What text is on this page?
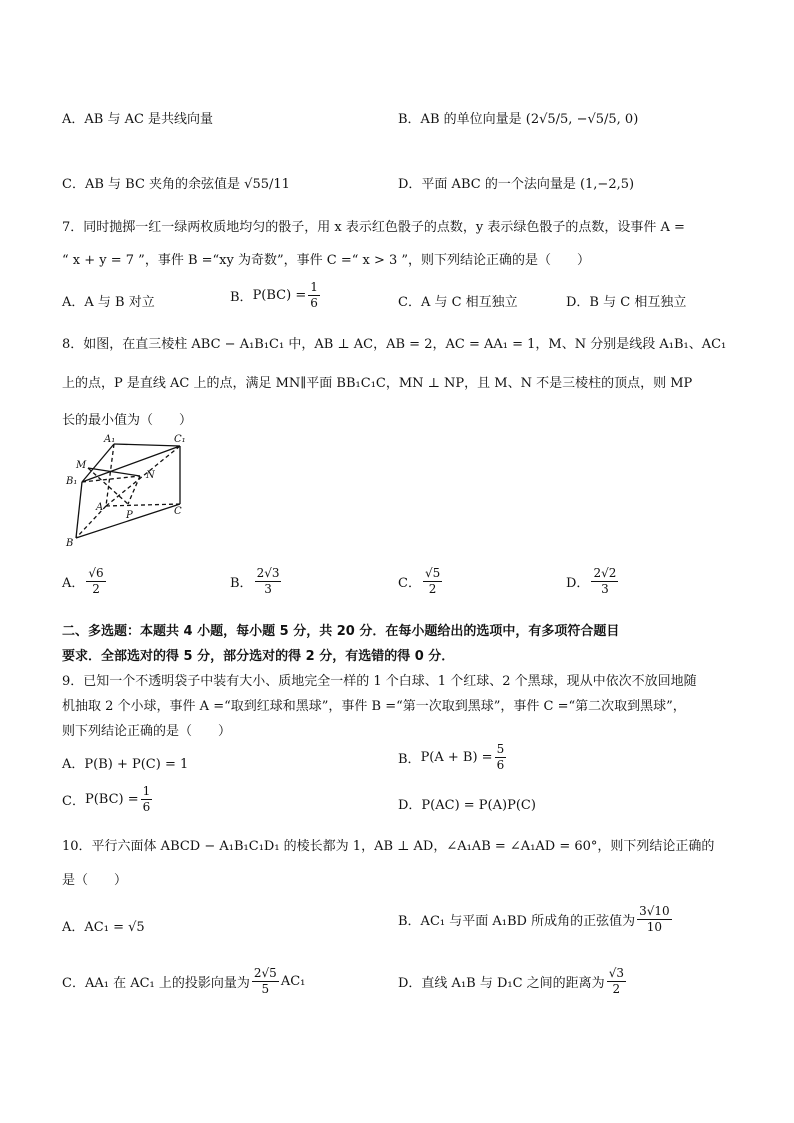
A．AB 与 AC 是共线向量	B．AB 的单位向量是 (2√5/5, −√5/5, 0)
C．AB 与 BC 夹角的余弦值是 √55/11	D．平面 ABC 的一个法向量是 (1,−2,5)
7．同时抛掷一红一绿两枚质地均匀的骰子，用 x 表示红色骰子的点数，y 表示绿色骰子的点数，设事件 A =
“ x + y = 7 ”，事件 B =“xy 为奇数”，事件 C =“ x > 3 ”，则下列结论正确的是（　　）
A．A 与 B 对立	B． $P(BC) = \frac{1}{6}$	C．A 与 C 相互独立	D．B 与 C 相互独立
8．如图，在直三棱柱 ABC − A₁B₁C₁ 中，AB ⊥ AC，AB = 2，AC = AA₁ = 1，M、N 分别是线段 A₁B₁、AC₁
上的点，P 是直线 AC 上的点，满足 MN∥平面 BB₁C₁C，MN ⊥ NP，且 M、N 不是三棱柱的顶点，则 MP
长的最小值为（　　）
A₁	C₁
M
B₁
N
A
P	C
B
A． $\frac{√6}{2}$	B． $\frac{2√3}{3}$	C． $\frac{√5}{2}$	D． $\frac{2√2}{3}$
二、多选题：本题共 4 小题，每小题 5 分，共 20 分．在每小题给出的选项中，有多项符合题目
要求．全部选对的得 5 分，部分选对的得 2 分，有选错的得 0 分．
9．已知一个不透明袋子中装有大小、质地完全一样的 1 个白球、1 个红球、2 个黑球，现从中依次不放回地随
机抽取 2 个小球，事件 A =“取到红球和黑球”，事件 B =“第一次取到黑球”，事件 C =“第二次取到黑球”，
则下列结论正确的是（　　）
A．P(B) + P(C) = 1	B． $P(A + B) = \frac{5}{6}$
C． $P(BC) = \frac{1}{6}$	D．P(AC) = P(A)P(C)
10．平行六面体 ABCD − A₁B₁C₁D₁ 的棱长都为 1，AB ⊥ AD，∠A₁AB = ∠A₁AD = 60°，则下列结论正确的
是（　　）
A．AC₁ = √5	B．AC₁ 与平面 A₁BD 所成角的正弦值为 $\frac{3√10}{10}$
C．AA₁ 在 AC₁ 上的投影向量为 $\frac{2√5}{5} AC_1$	D．直线 A₁B 与 D₁C 之间的距离为 $\frac{√3}{2}$
